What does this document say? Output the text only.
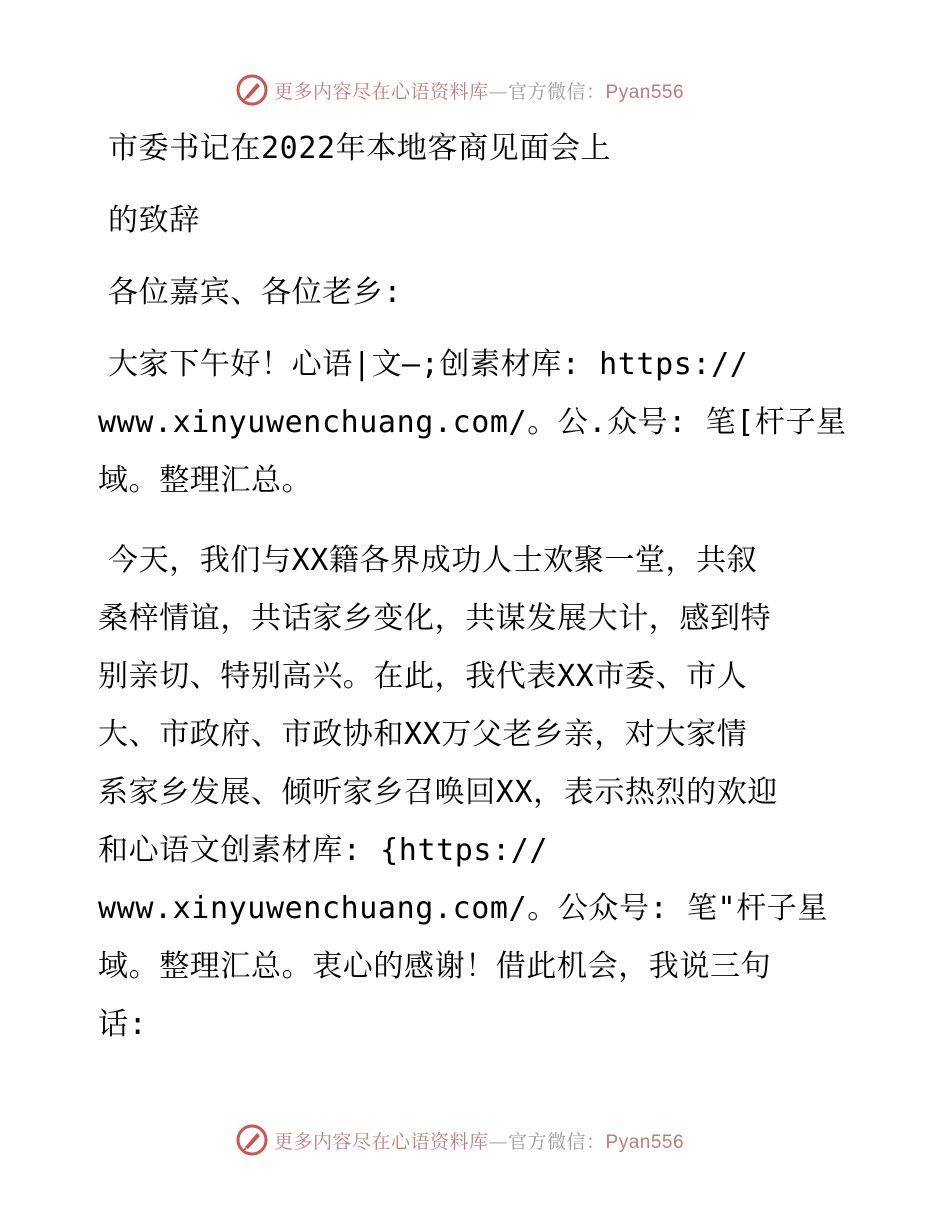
更多内容尽在心语资料库—官方微信：Pyan556
市委书记在2022年本地客商见面会上
的致辞
各位嘉宾、各位老乡:
大家下午好！心语|文—;创素材库: https://
www.xinyuwenchuang.com/。公.众号: 笔[杆子星
域。整理汇总。
今天，我们与XX籍各界成功人士欢聚一堂，共叙
桑梓情谊，共话家乡变化，共谋发展大计，感到特
别亲切、特别高兴。在此，我代表XX市委、市人
大、市政府、市政协和XX万父老乡亲，对大家情
系家乡发展、倾听家乡召唤回XX，表示热烈的欢迎
和心语文创素材库: {https://
www.xinyuwenchuang.com/。公众号: 笔"杆子星
域。整理汇总。衷心的感谢！借此机会，我说三句
话:
更多内容尽在心语资料库—官方微信：Pyan556
